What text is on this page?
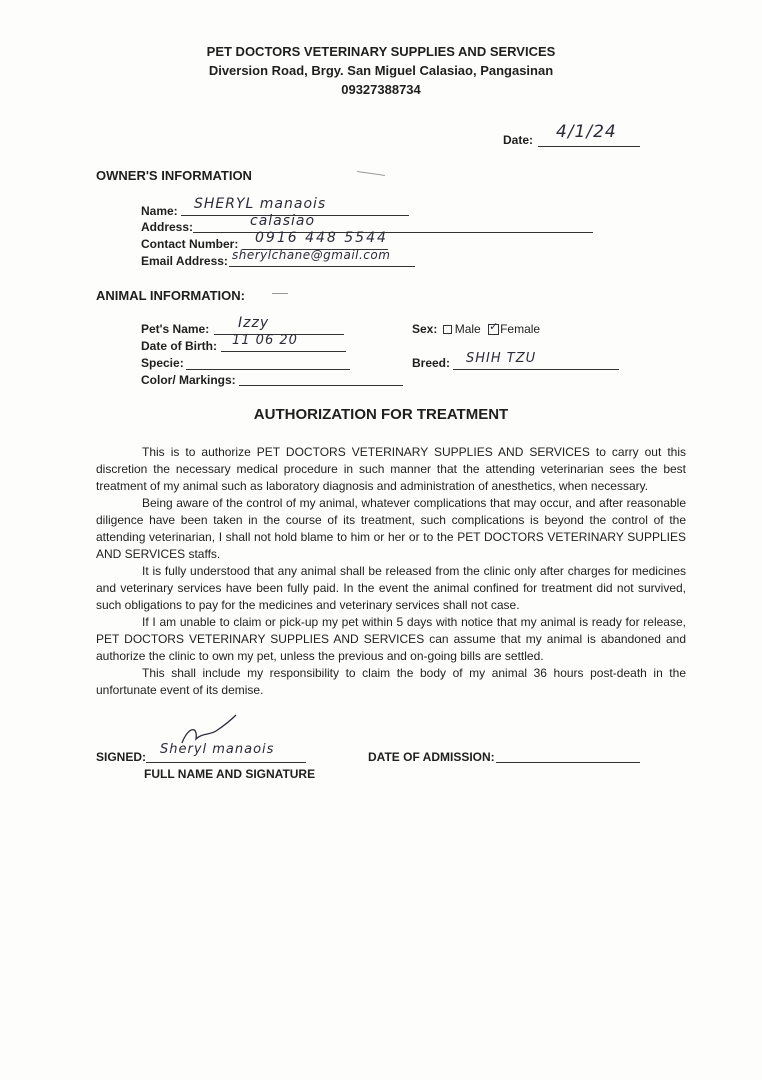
PET DOCTORS VETERINARY SUPPLIES AND SERVICES
Diversion Road, Brgy. San Miguel Calasiao, Pangasinan
09327388734
Date: 4/1/24
OWNER'S INFORMATION
Name: SHERYL manaois
Address:	calasiao
Contact Number: 0916 448 5544
Email Address: sherylchane@gmail.com
ANIMAL INFORMATION:
Pet's Name: Izzy
Date of Birth: 11 06 20
Specie:
Color/ Markings:
Sex: Male ✓ Female
Breed: SHIH TZU
AUTHORIZATION FOR TREATMENT

This is to authorize PET DOCTORS VETERINARY SUPPLIES AND SERVICES to carry out this discretion the necessary medical procedure in such manner that the attending veterinarian sees the best treatment of my animal such as laboratory diagnosis and administration of anesthetics, when necessary.

Being aware of the control of my animal, whatever complications that may occur, and after reasonable diligence have been taken in the course of its treatment, such complications is beyond the control of the attending veterinarian, I shall not hold blame to him or her or to the PET DOCTORS VETERINARY SUPPLIES AND SERVICES staffs.

It is fully understood that any animal shall be released from the clinic only after charges for medicines and veterinary services have been fully paid. In the event the animal confined for treatment did not survived, such obligations to pay for the medicines and veterinary services shall not case.

If I am unable to claim or pick-up my pet within 5 days with notice that my animal is ready for release, PET DOCTORS VETERINARY SUPPLIES AND SERVICES can assume that my animal is abandoned and authorize the clinic to own my pet, unless the previous and on-going bills are settled.

This shall include my responsibility to claim the body of my animal 36 hours post-death in the unfortunate event of its demise.

SIGNED: Sheryl manaois
FULL NAME AND SIGNATURE
DATE OF ADMISSION:
